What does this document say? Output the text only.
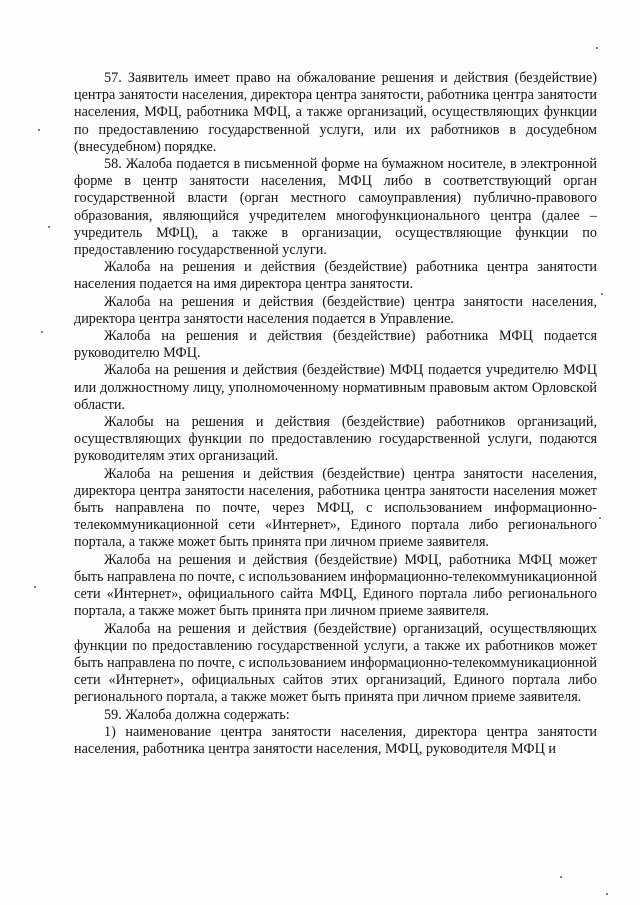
57. Заявитель имеет право на обжалование решения и действия (бездействие) центра занятости населения, директора центра занятости, работника центра занятости населения, МФЦ, работника МФЦ, а также организаций, осуществляющих функции по предоставлению государственной услуги, или их работников в досудебном (внесудебном) порядке.

58. Жалоба подается в письменной форме на бумажном носителе, в электронной форме в центр занятости населения, МФЦ либо в соответствующий орган государственной власти (орган местного самоуправления) публично-правового образования, являющийся учредителем многофункционального центра (далее – учредитель МФЦ), а также в организации, осуществляющие функции по предоставлению государственной услуги.

Жалоба на решения и действия (бездействие) работника центра занятости населения подается на имя директора центра занятости.

Жалоба на решения и действия (бездействие) центра занятости населения, директора центра занятости населения подается в Управление.

Жалоба на решения и действия (бездействие) работника МФЦ подается руководителю МФЦ.

Жалоба на решения и действия (бездействие) МФЦ подается учредителю МФЦ или должностному лицу, уполномоченному нормативным правовым актом Орловской области.

Жалобы на решения и действия (бездействие) работников организаций, осуществляющих функции по предоставлению государственной услуги, подаются руководителям этих организаций.

Жалоба на решения и действия (бездействие) центра занятости населения, директора центра занятости населения, работника центра занятости населения может быть направлена по почте, через МФЦ, с использованием информационно-телекоммуникационной сети «Интернет», Единого портала либо регионального портала, а также может быть принята при личном приеме заявителя.

Жалоба на решения и действия (бездействие) МФЦ, работника МФЦ может быть направлена по почте, с использованием информационно-телекоммуникационной сети «Интернет», официального сайта МФЦ, Единого портала либо регионального портала, а также может быть принята при личном приеме заявителя.

Жалоба на решения и действия (бездействие) организаций, осуществляющих функции по предоставлению государственной услуги, а также их работников может быть направлена по почте, с использованием информационно-телекоммуникационной сети «Интернет», официальных сайтов этих организаций, Единого портала либо регионального портала, а также может быть принята при личном приеме заявителя.

59. Жалоба должна содержать:

1) наименование центра занятости населения, директора центра занятости населения, работника центра занятости населения, МФЦ, руководителя МФЦ и
